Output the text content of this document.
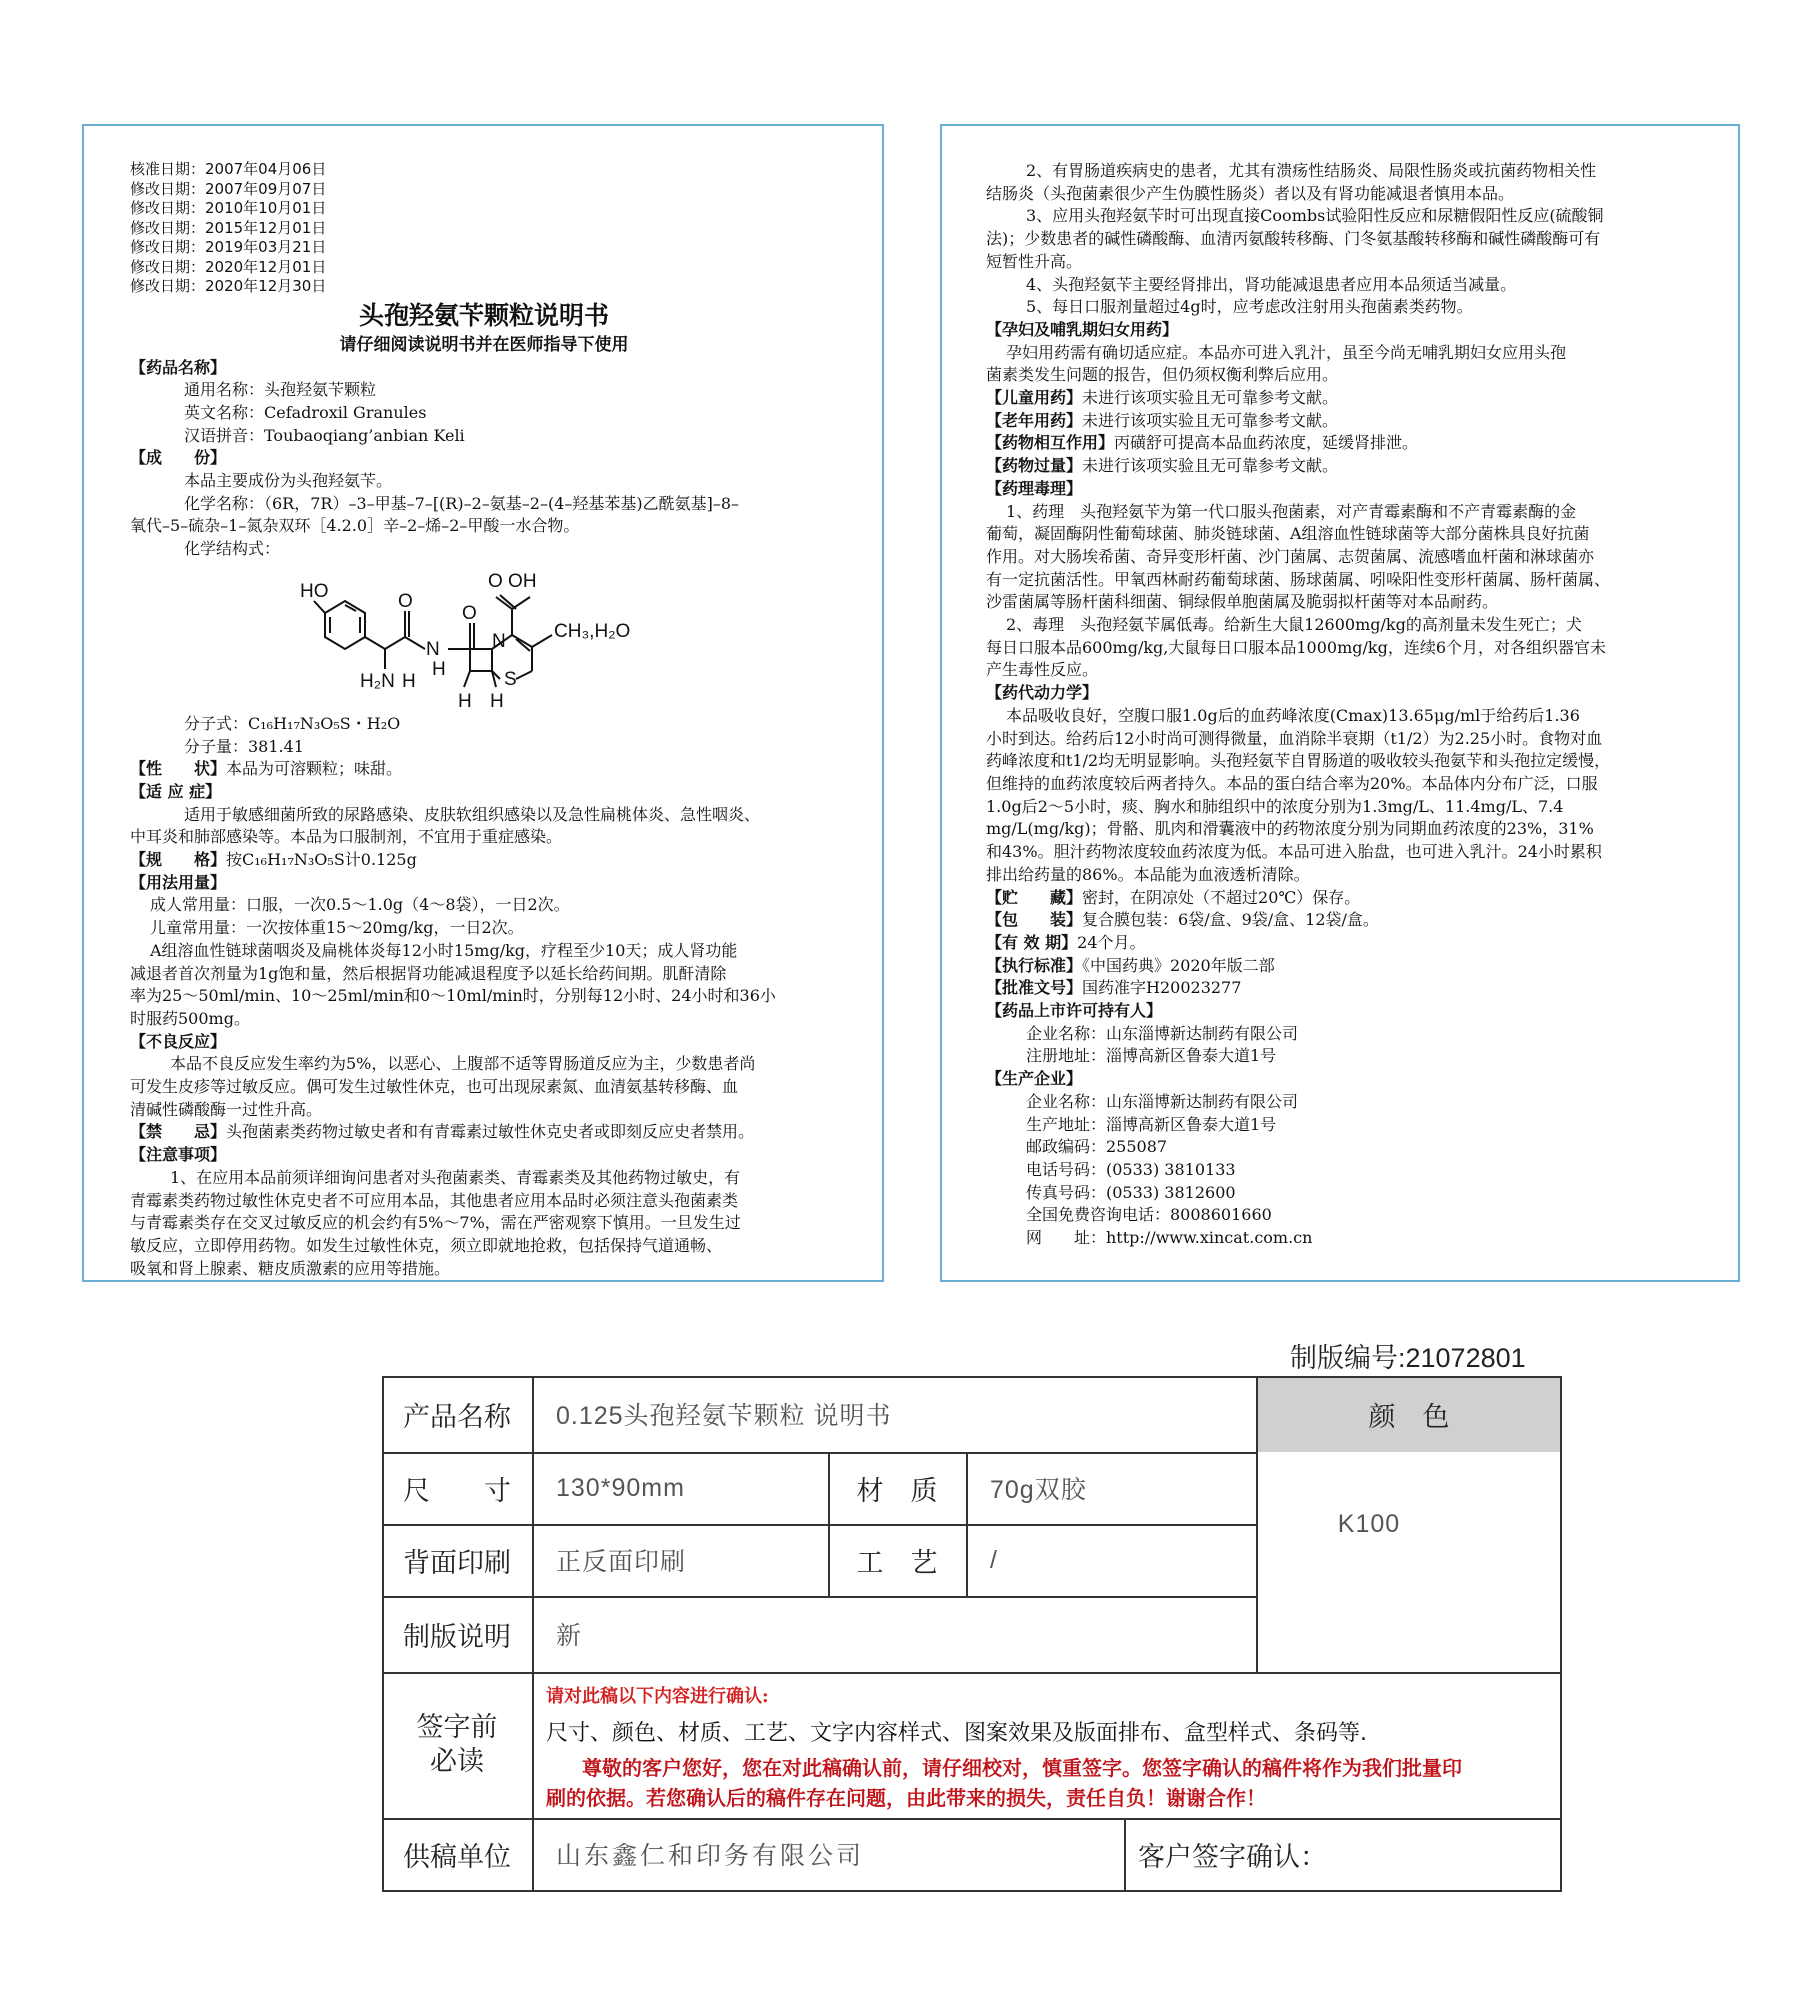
核准日期：2007年04月06日
修改日期：2007年09月07日
修改日期：2010年10月01日
修改日期：2015年12月01日
修改日期：2019年03月21日
修改日期：2020年12月01日
修改日期：2020年12月30日
头孢羟氨苄颗粒说明书
请仔细阅读说明书并在医师指导下使用
【药品名称】
通用名称：头孢羟氨苄颗粒
英文名称：Cefadroxil Granules
汉语拼音：Toubaoqiang’anbian Keli
【成　　份】
本品主要成份为头孢羟氨苄。
化学名称：（6R，7R）–3–甲基–7–[(R)–2–氨基–2–(4–羟基苯基)乙酰氨基]–8–
氧代–5–硫杂–1–氮杂双环［4.2.0］辛–2–烯–2–甲酸一水合物。
化学结构式：
HO	O
O
O OH
N	N
S
CH₃,H₂O
H₂N H
H
H H
分子式：C₁₆H₁₇N₃O₅S・H₂O
分子量：381.41
【性　　状】本品为可溶颗粒；味甜。
【适 应 症】
适用于敏感细菌所致的尿路感染、皮肤软组织感染以及急性扁桃体炎、急性咽炎、
中耳炎和肺部感染等。本品为口服制剂，不宜用于重症感染。
【规　　格】按C₁₆H₁₇N₃O₅S计0.125g
【用法用量】
成人常用量：口服，一次0.5～1.0g（4～8袋），一日2次。
儿童常用量：一次按体重15～20mg/kg，一日2次。
A组溶血性链球菌咽炎及扁桃体炎每12小时15mg/kg，疗程至少10天；成人肾功能
减退者首次剂量为1g饱和量，然后根据肾功能减退程度予以延长给药间期。肌酐清除
率为25～50ml/min、10～25ml/min和0～10ml/min时，分别每12小时、24小时和36小
时服药500mg。
【不良反应】
本品不良反应发生率约为5%，以恶心、上腹部不适等胃肠道反应为主，少数患者尚
可发生皮疹等过敏反应。偶可发生过敏性休克，也可出现尿素氮、血清氨基转移酶、血
清碱性磷酸酶一过性升高。
【禁　　忌】头孢菌素类药物过敏史者和有青霉素过敏性休克史者或即刻反应史者禁用。
【注意事项】
1、在应用本品前须详细询问患者对头孢菌素类、青霉素类及其他药物过敏史，有
青霉素类药物过敏性休克史者不可应用本品，其他患者应用本品时必须注意头孢菌素类
与青霉素类存在交叉过敏反应的机会约有5%～7%，需在严密观察下慎用。一旦发生过
敏反应，立即停用药物。如发生过敏性休克，须立即就地抢救，包括保持气道通畅、
吸氧和肾上腺素、糖皮质激素的应用等措施。
2、有胃肠道疾病史的患者，尤其有溃疡性结肠炎、局限性肠炎或抗菌药物相关性
结肠炎（头孢菌素很少产生伪膜性肠炎）者以及有肾功能减退者慎用本品。
3、应用头孢羟氨苄时可出现直接Coombs试验阳性反应和尿糖假阳性反应(硫酸铜
法)；少数患者的碱性磷酸酶、血清丙氨酸转移酶、门冬氨基酸转移酶和碱性磷酸酶可有
短暂性升高。
4、头孢羟氨苄主要经肾排出，肾功能减退患者应用本品须适当减量。
5、每日口服剂量超过4g时，应考虑改注射用头孢菌素类药物。
【孕妇及哺乳期妇女用药】
孕妇用药需有确切适应症。本品亦可进入乳汁，虽至今尚无哺乳期妇女应用头孢
菌素类发生问题的报告，但仍须权衡利弊后应用。
【儿童用药】未进行该项实验且无可靠参考文献。
【老年用药】未进行该项实验且无可靠参考文献。
【药物相互作用】丙磺舒可提高本品血药浓度，延缓肾排泄。
【药物过量】未进行该项实验且无可靠参考文献。
【药理毒理】
1、药理　头孢羟氨苄为第一代口服头孢菌素，对产青霉素酶和不产青霉素酶的金
葡萄，凝固酶阴性葡萄球菌、肺炎链球菌、A组溶血性链球菌等大部分菌株具良好抗菌
作用。对大肠埃希菌、奇异变形杆菌、沙门菌属、志贺菌属、流感嗜血杆菌和淋球菌亦
有一定抗菌活性。甲氧西林耐药葡萄球菌、肠球菌属、吲哚阳性变形杆菌属、肠杆菌属、
沙雷菌属等肠杆菌科细菌、铜绿假单胞菌属及脆弱拟杆菌等对本品耐药。
2、毒理　头孢羟氨苄属低毒。给新生大鼠12600mg/kg的高剂量未发生死亡；犬
每日口服本品600mg/kg,大鼠每日口服本品1000mg/kg，连续6个月，对各组织器官未
产生毒性反应。
【药代动力学】
本品吸收良好，空腹口服1.0g后的血药峰浓度(Cmax)13.65μg/ml于给药后1.36
小时到达。给药后12小时尚可测得微量，血消除半衰期（t1/2）为2.25小时。食物对血
药峰浓度和t1/2均无明显影响。头孢羟氨苄自胃肠道的吸收较头孢氨苄和头孢拉定缓慢，
但维持的血药浓度较后两者持久。本品的蛋白结合率为20%。本品体内分布广泛，口服
1.0g后2～5小时，痰、胸水和肺组织中的浓度分别为1.3mg/L、11.4mg/L、7.4
mg/L(mg/kg)；骨骼、肌肉和滑囊液中的药物浓度分别为同期血药浓度的23%，31%
和43%。胆汁药物浓度较血药浓度为低。本品可进入胎盘，也可进入乳汁。24小时累积
排出给药量的86%。本品能为血液透析清除。
【贮　　藏】密封，在阴凉处（不超过20℃）保存。
【包　　装】复合膜包装：6袋/盒、9袋/盒、12袋/盒。
【有 效 期】24个月。
【执行标准】《中国药典》2020年版二部
【批准文号】国药准字H20023277
【药品上市许可持有人】
企业名称：山东淄博新达制药有限公司
注册地址：淄博高新区鲁泰大道1号
【生产企业】
企业名称：山东淄博新达制药有限公司
生产地址：淄博高新区鲁泰大道1号
邮政编码：255087
电话号码：(0533) 3810133
传真号码：(0533) 3812600
全国免费咨询电话：8008601660
网　　址：http://www.xincat.com.cn
制版编号:21072801
颜　色
产品名称	0.125头孢羟氨苄颗粒 说明书
尺　　寸	130*90mm	材　质	70g双胶
K100
背面印刷	正反面印刷	工　艺	/
制版说明	新
签字前
必读
请对此稿以下内容进行确认:
尺寸、颜色、材质、工艺、文字内容样式、图案效果及版面排布、盒型样式、条码等.
尊敬的客户您好，您在对此稿确认前，请仔细校对，慎重签字。您签字确认的稿件将作为我们批量印
刷的依据。若您确认后的稿件存在问题，由此带来的损失，责任自负！谢谢合作！
供稿单位	山东鑫仁和印务有限公司	客户签字确认：
